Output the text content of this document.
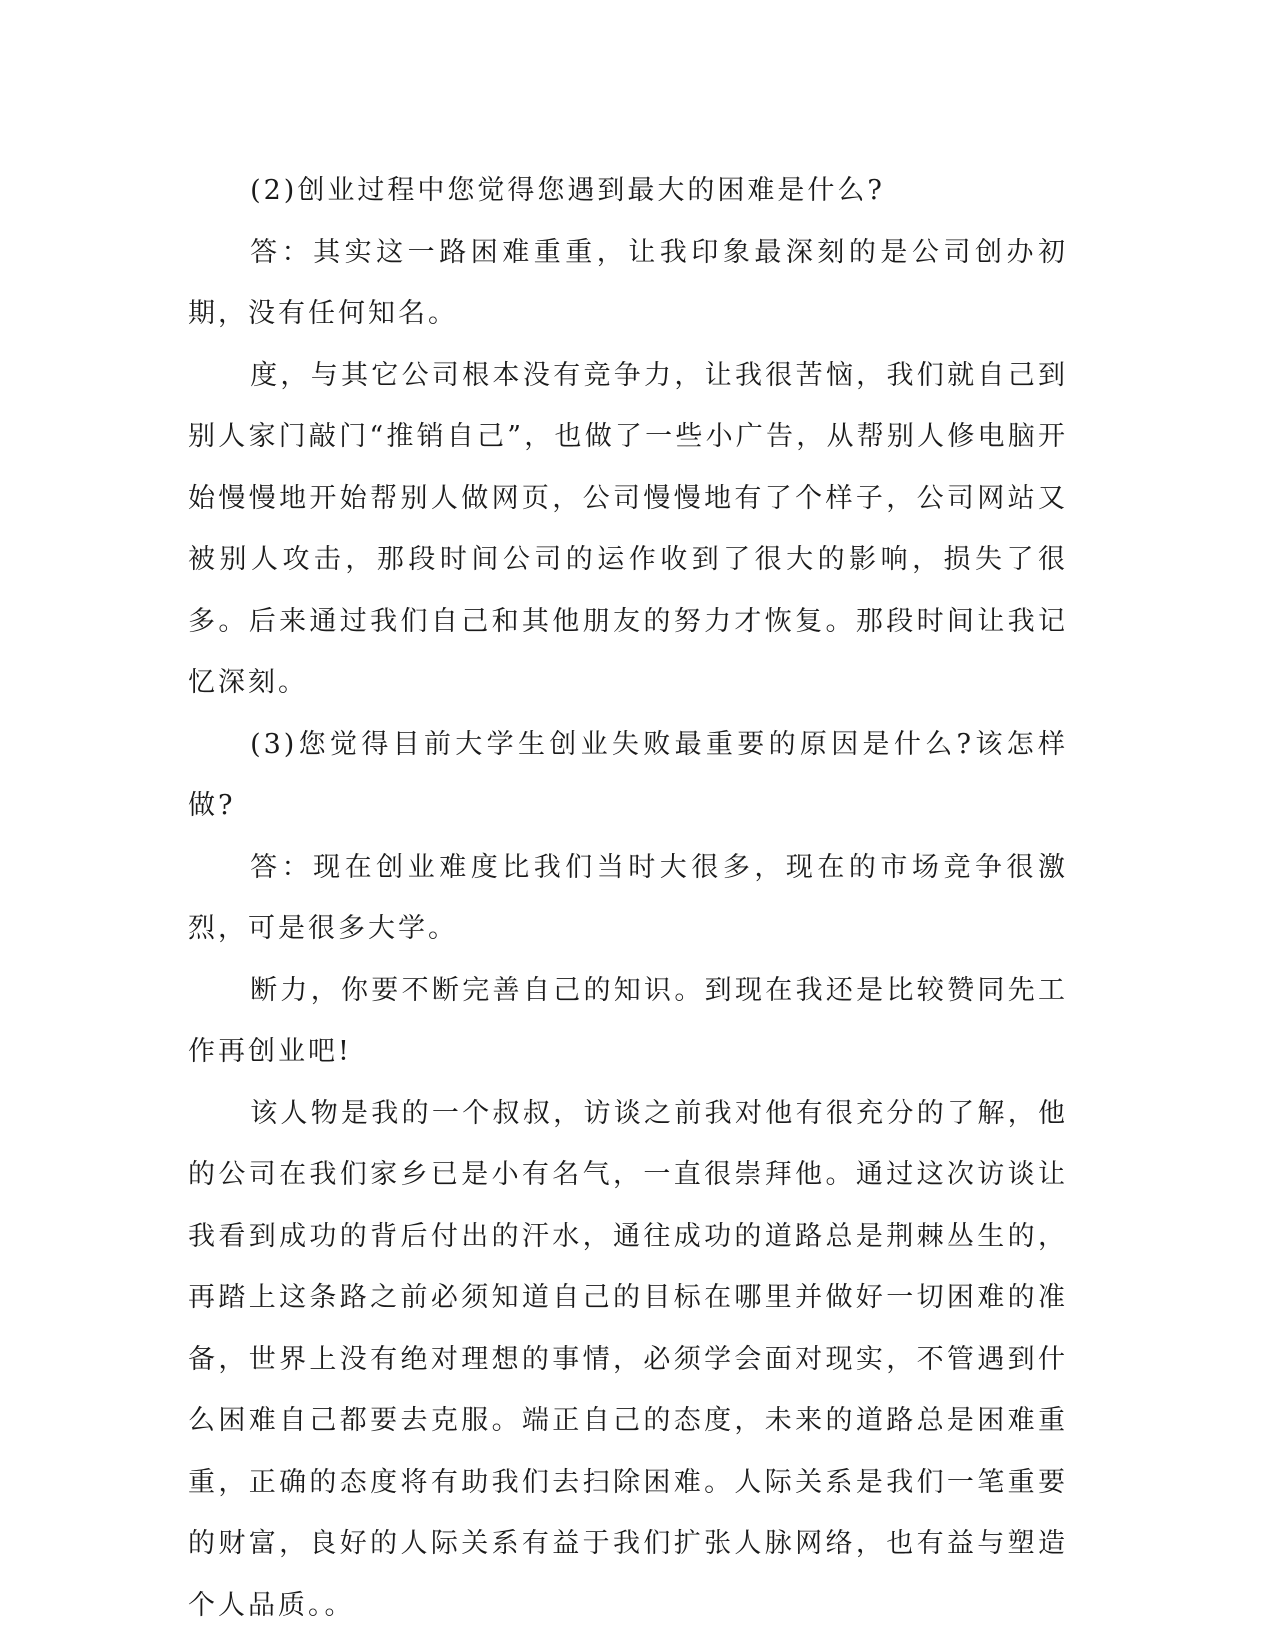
(2)创业过程中您觉得您遇到最大的困难是什么?

答：其实这一路困难重重，让我印象最深刻的是公司创办初期，没有任何知名。

度，与其它公司根本没有竞争力，让我很苦恼，我们就自己到别人家门敲门“推销自己”，也做了一些小广告，从帮别人修电脑开始慢慢地开始帮别人做网页，公司慢慢地有了个样子，公司网站又被别人攻击，那段时间公司的运作收到了很大的影响，损失了很多。后来通过我们自己和其他朋友的努力才恢复。那段时间让我记忆深刻。

(3)您觉得目前大学生创业失败最重要的原因是什么?该怎样做?

答：现在创业难度比我们当时大很多，现在的市场竞争很激烈，可是很多大学。

断力，你要不断完善自己的知识。到现在我还是比较赞同先工作再创业吧!

该人物是我的一个叔叔，访谈之前我对他有很充分的了解，他的公司在我们家乡已是小有名气，一直很崇拜他。通过这次访谈让我看到成功的背后付出的汗水，通往成功的道路总是荆棘丛生的，再踏上这条路之前必须知道自己的目标在哪里并做好一切困难的准备，世界上没有绝对理想的事情，必须学会面对现实，不管遇到什么困难自己都要去克服。端正自己的态度，未来的道路总是困难重重，正确的态度将有助我们去扫除困难。人际关系是我们一笔重要的财富，良好的人际关系有益于我们扩张人脉网络，也有益与塑造个人品质。。
